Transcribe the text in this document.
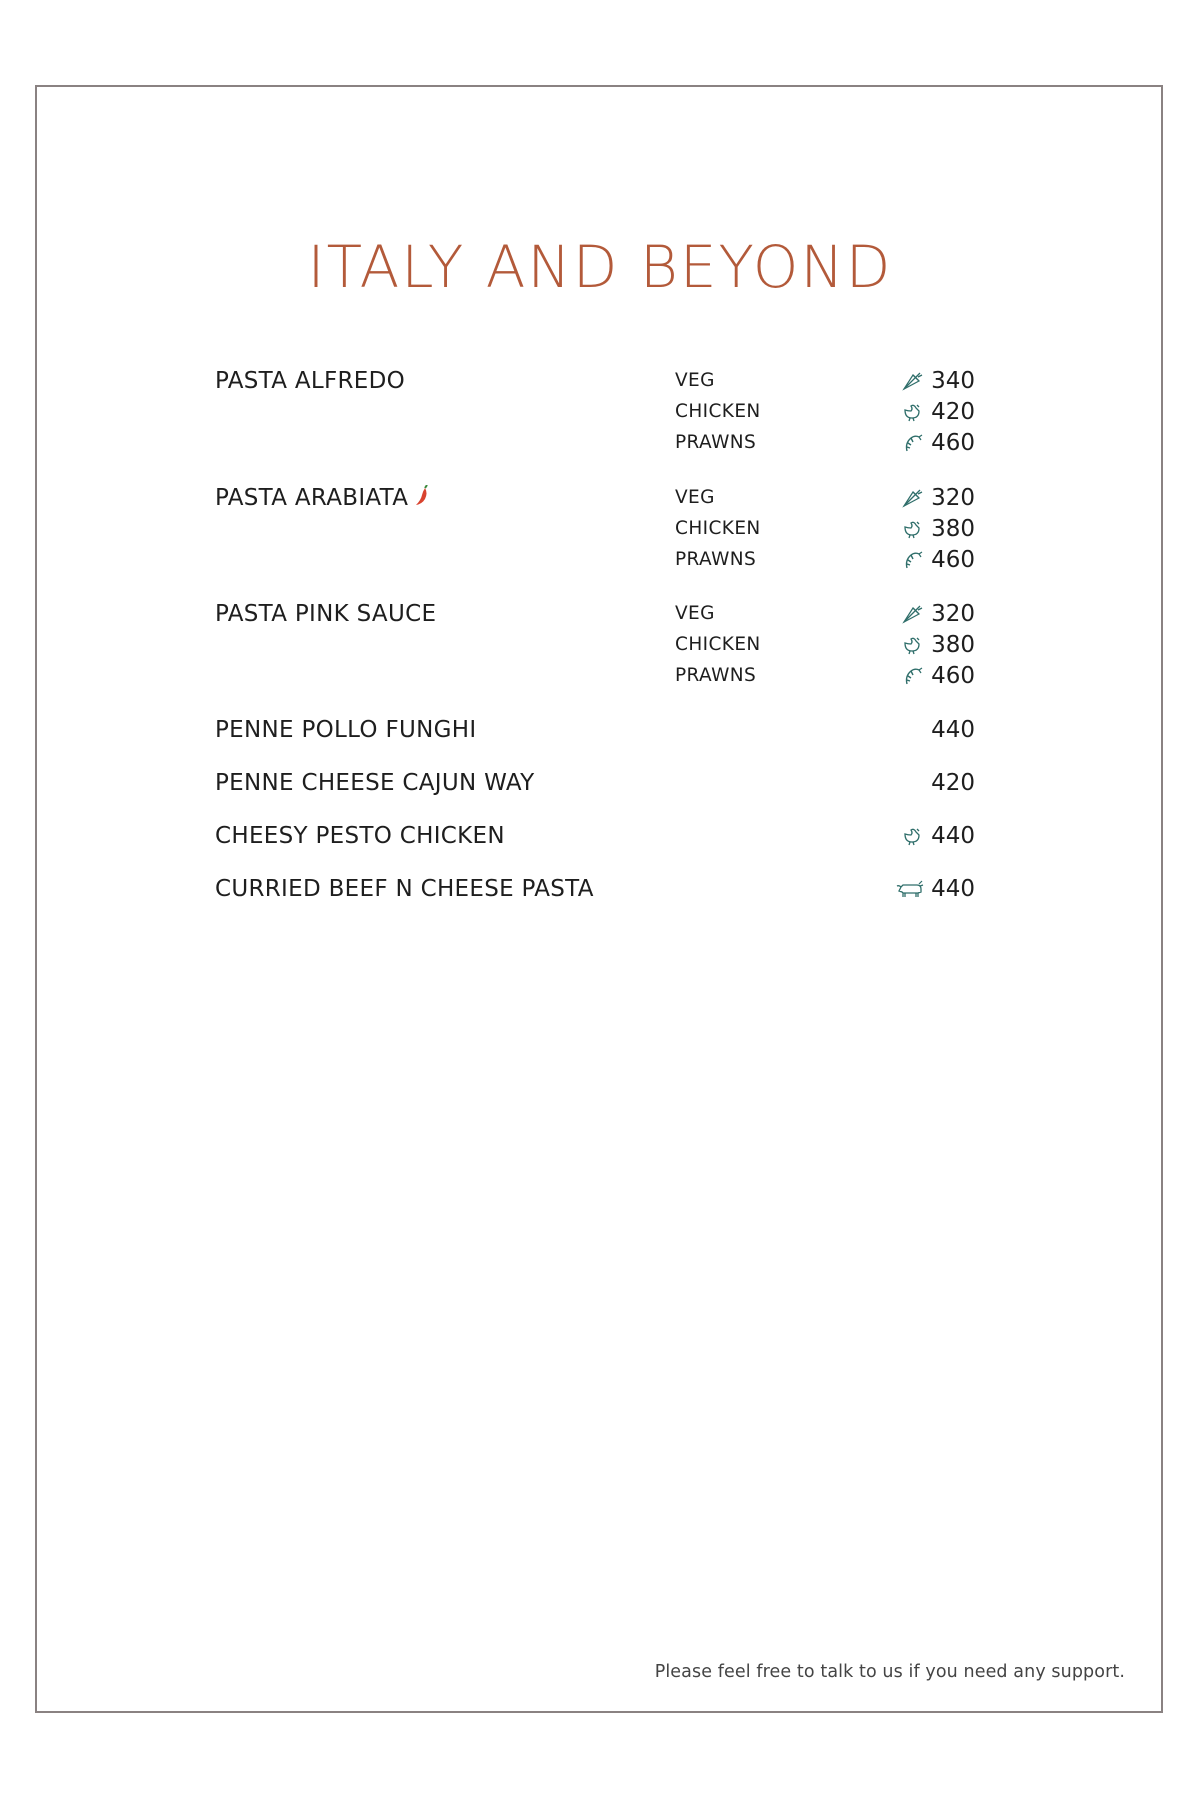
ITALY AND BEYOND
PASTA ALFREDO	VEG	340
CHICKEN	420
PRAWNS	460
PASTA ARABIATA	VEG	320
CHICKEN	380
PRAWNS	460
PASTA PINK SAUCE	VEG	320
CHICKEN	380
PRAWNS	460
PENNE POLLO FUNGHI	440
PENNE CHEESE CAJUN WAY	420
CHEESY PESTO CHICKEN	440
CURRIED BEEF N CHEESE PASTA	440
Please feel free to talk to us if you need any support.
